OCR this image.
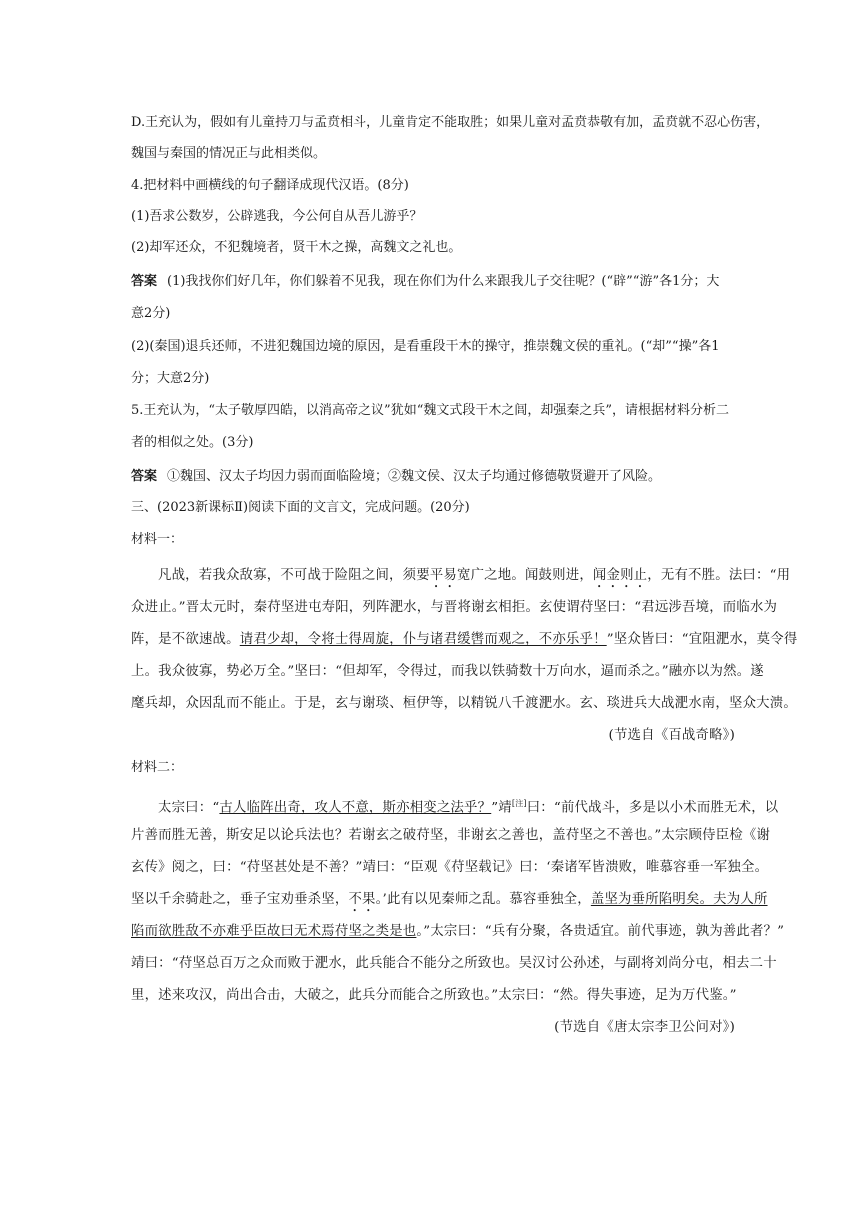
D.王充认为，假如有儿童持刀与孟贲相斗，儿童肯定不能取胜；如果儿童对孟贲恭敬有加，孟贲就不忍心伤害，
魏国与秦国的情况正与此相类似。
4.把材料中画横线的句子翻译成现代汉语。(8分)
(1)吾求公数岁，公辟逃我，今公何自从吾儿游乎？
(2)却军还众，不犯魏境者，贤干木之操，高魏文之礼也。
答案 (1)我找你们好几年，你们躲着不见我，现在你们为什么来跟我儿子交往呢？(“辟”“游”各1分；大
意2分)
(2)(秦国)退兵还师，不进犯魏国边境的原因，是看重段干木的操守，推崇魏文侯的重礼。(“却”“操”各1
分；大意2分)
5.王充认为，“太子敬厚四皓，以消高帝之议”犹如“魏文式段干木之闾，却强秦之兵”，请根据材料分析二
者的相似之处。(3分)
答案 ①魏国、汉太子均因力弱而面临险境；②魏文侯、汉太子均通过修德敬贤避开了风险。
三、(2023新课标Ⅱ)阅读下面的文言文，完成问题。(20分)
材料一：
凡战，若我众敌寡，不可战于险阻之间，须要平易宽广之地。闻鼓则进，闻金则止，无有不胜。法曰：“用
众进止。”晋太元时，秦苻坚进屯寿阳，列阵淝水，与晋将谢玄相拒。玄使谓苻坚曰：“君远涉吾境，而临水为
阵，是不欲速战。请君少却，令将士得周旋，仆与诸君缓辔而观之，不亦乐乎！”坚众皆曰：“宜阻淝水，莫令得
上。我众彼寡，势必万全。”坚曰：“但却军，令得过，而我以铁骑数十万向水，逼而杀之。”融亦以为然。遂
麾兵却，众因乱而不能止。于是，玄与谢琰、桓伊等，以精锐八千渡淝水。玄、琰进兵大战淝水南，坚众大溃。
(节选自《百战奇略》)
材料二：
太宗曰：“古人临阵出奇，攻人不意，斯亦相变之法乎？”靖[注]曰：“前代战斗，多是以小术而胜无术，以
片善而胜无善，斯安足以论兵法也？若谢玄之破苻坚，非谢玄之善也，盖苻坚之不善也。”太宗顾侍臣检《谢
玄传》阅之，曰：“苻坚甚处是不善？”靖曰：“臣观《苻坚载记》曰：‘秦诸军皆溃败，唯慕容垂一军独全。
坚以千余骑赴之，垂子宝劝垂杀坚，不果。’此有以见秦师之乱。慕容垂独全，盖坚为垂所陷明矣。夫为人所
陷而欲胜敌不亦难乎臣故曰无术焉苻坚之类是也。”太宗曰：“兵有分聚，各贵适宜。前代事迹，孰为善此者？”
靖曰：“苻坚总百万之众而败于淝水，此兵能合不能分之所致也。吴汉讨公孙述，与副将刘尚分屯，相去二十
里，述来攻汉，尚出合击，大破之，此兵分而能合之所致也。”太宗曰：“然。得失事迹，足为万代鉴。”
(节选自《唐太宗李卫公问对》)
